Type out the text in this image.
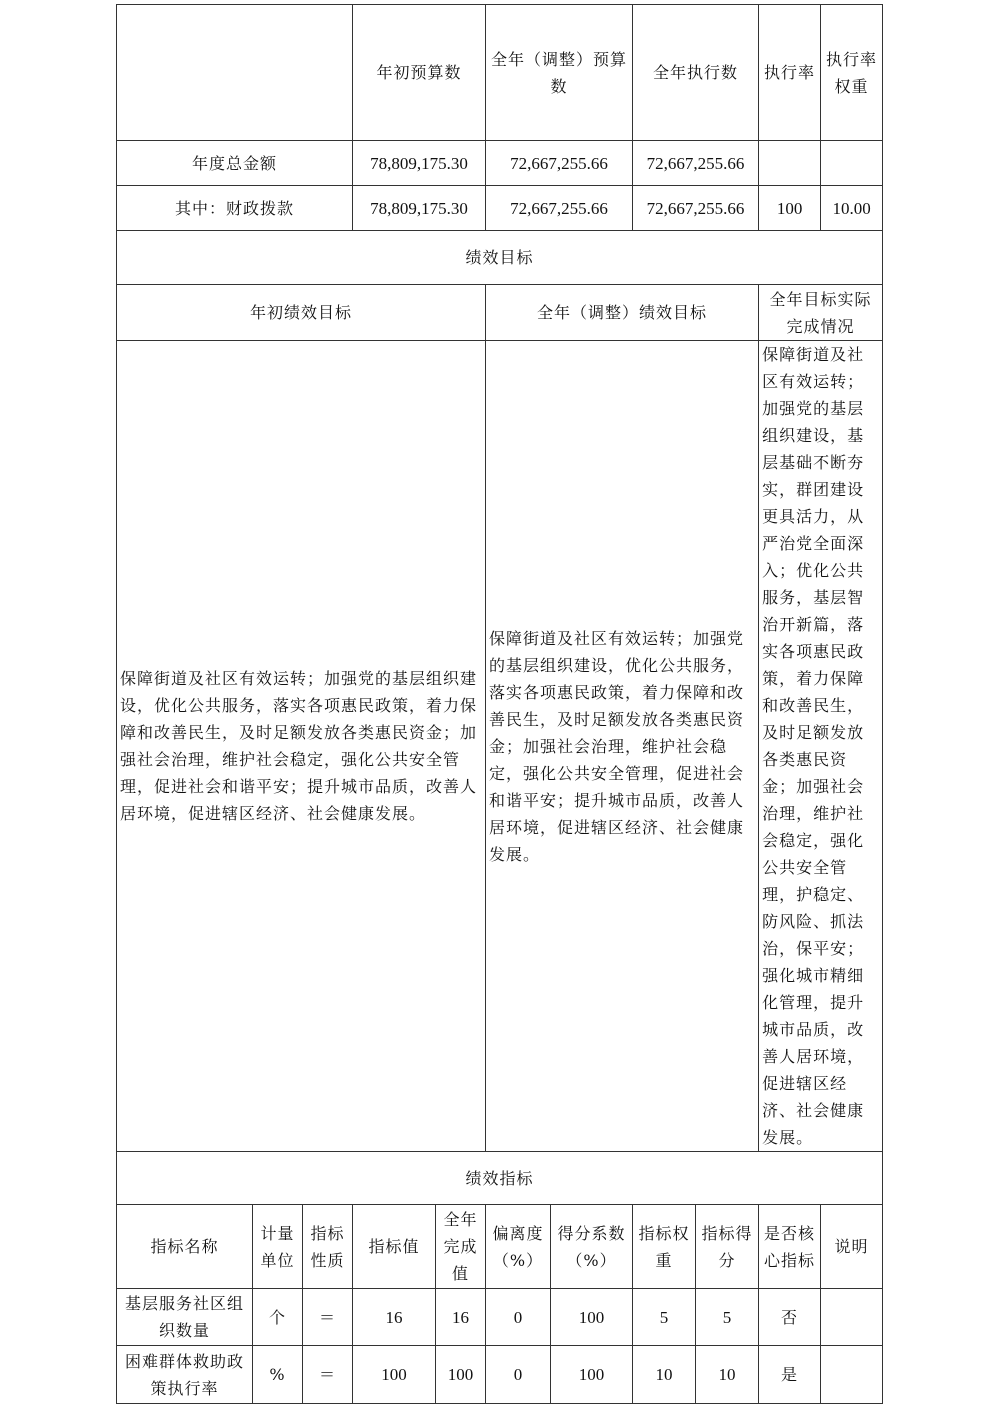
			年初预算数		全年（调整）预算数		全年执行数		执行率	执行率权重	
年度总金额			78,809,175.30		72,667,255.66		72,667,255.66				
其中：财政拨款			78,809,175.30		72,667,255.66		72,667,255.66		100	10.00	
绩效目标											
年初绩效目标					全年（调整）绩效目标				全年目标实际完成情况		
保障街道及社区有效运转；加强党的基层组织建设，优化公共服务，落实各项惠民政策，着力保障和改善民生，及时足额发放各类惠民资金；加强社会治理，维护社会稳定，强化公共安全管理，促进社会和谐平安；提升城市品质，改善人居环境，促进辖区经济、社会健康发展。					保障街道及社区有效运转；加强党的基层组织建设，优化公共服务，落实各项惠民政策，着力保障和改善民生，及时足额发放各类惠民资金；加强社会治理，维护社会稳定，强化公共安全管理，促进社会和谐平安；提升城市品质，改善人居环境，促进辖区经济、社会健康发展。				保障街道及社区有效运转；加强党的基层组织建设，基层基础不断夯实，群团建设更具活力，从严治党全面深入；优化公共服务，基层智治开新篇，落实各项惠民政策，着力保障和改善民生，及时足额发放各类惠民资金；加强社会治理，维护社会稳定，强化公共安全管理，护稳定、防风险、抓法治，保平安；强化城市精细化管理，提升城市品质，改善人居环境，促进辖区经济、社会健康发展。		
绩效指标											
指标名称	计量单位	指标性质	指标值	全年完成值	偏离度（%）	得分系数（%）	指标权重	指标得分	是否核心指标	说明	
基层服务社区组织数量	个	＝	16	16	0	100	5	5	否		
困难群体救助政策执行率	%	＝	100	100	0	100	10	10	是		
